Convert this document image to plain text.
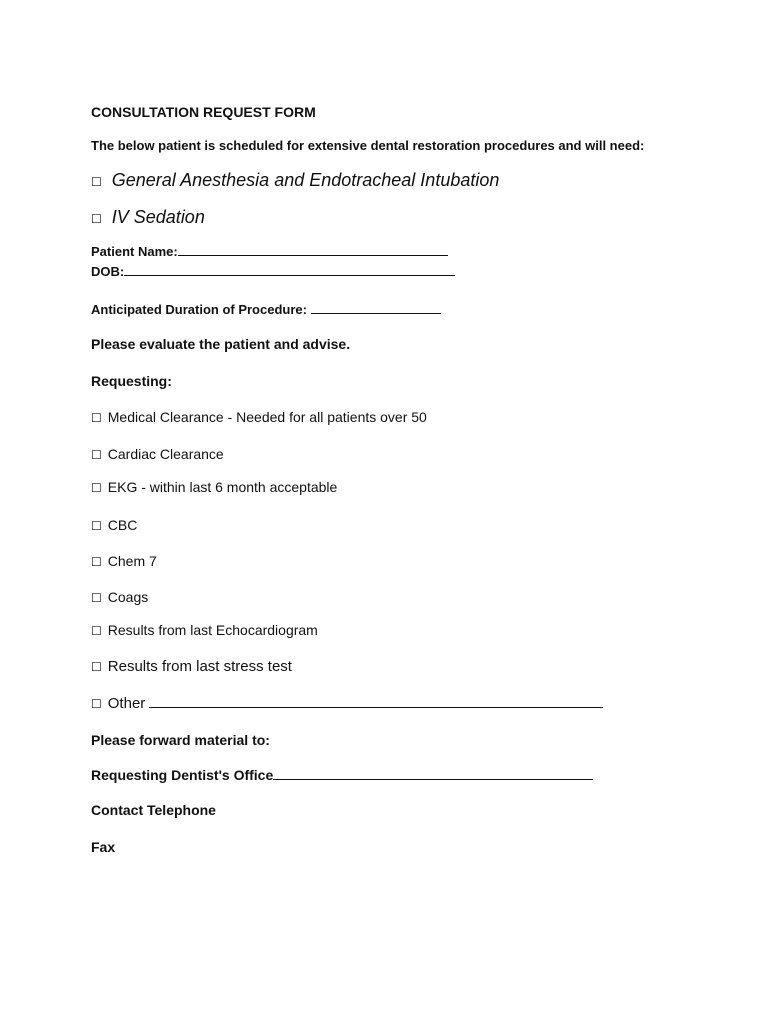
CONSULTATION REQUEST FORM
The below patient is scheduled for extensive dental restoration procedures and will need:
☐ General Anesthesia and Endotracheal Intubation
☐ IV Sedation
Patient Name:
DOB:
Anticipated Duration of Procedure:
Please evaluate the patient and advise.
Requesting:
☐ Medical Clearance - Needed for all patients over 50
☐ Cardiac Clearance
☐ EKG - within last 6 month acceptable
☐ CBC
☐ Chem 7
☐ Coags
☐ Results from last Echocardiogram
☐ Results from last stress test
☐ Other
Please forward material to:
Requesting Dentist's Office
Contact Telephone
Fax
